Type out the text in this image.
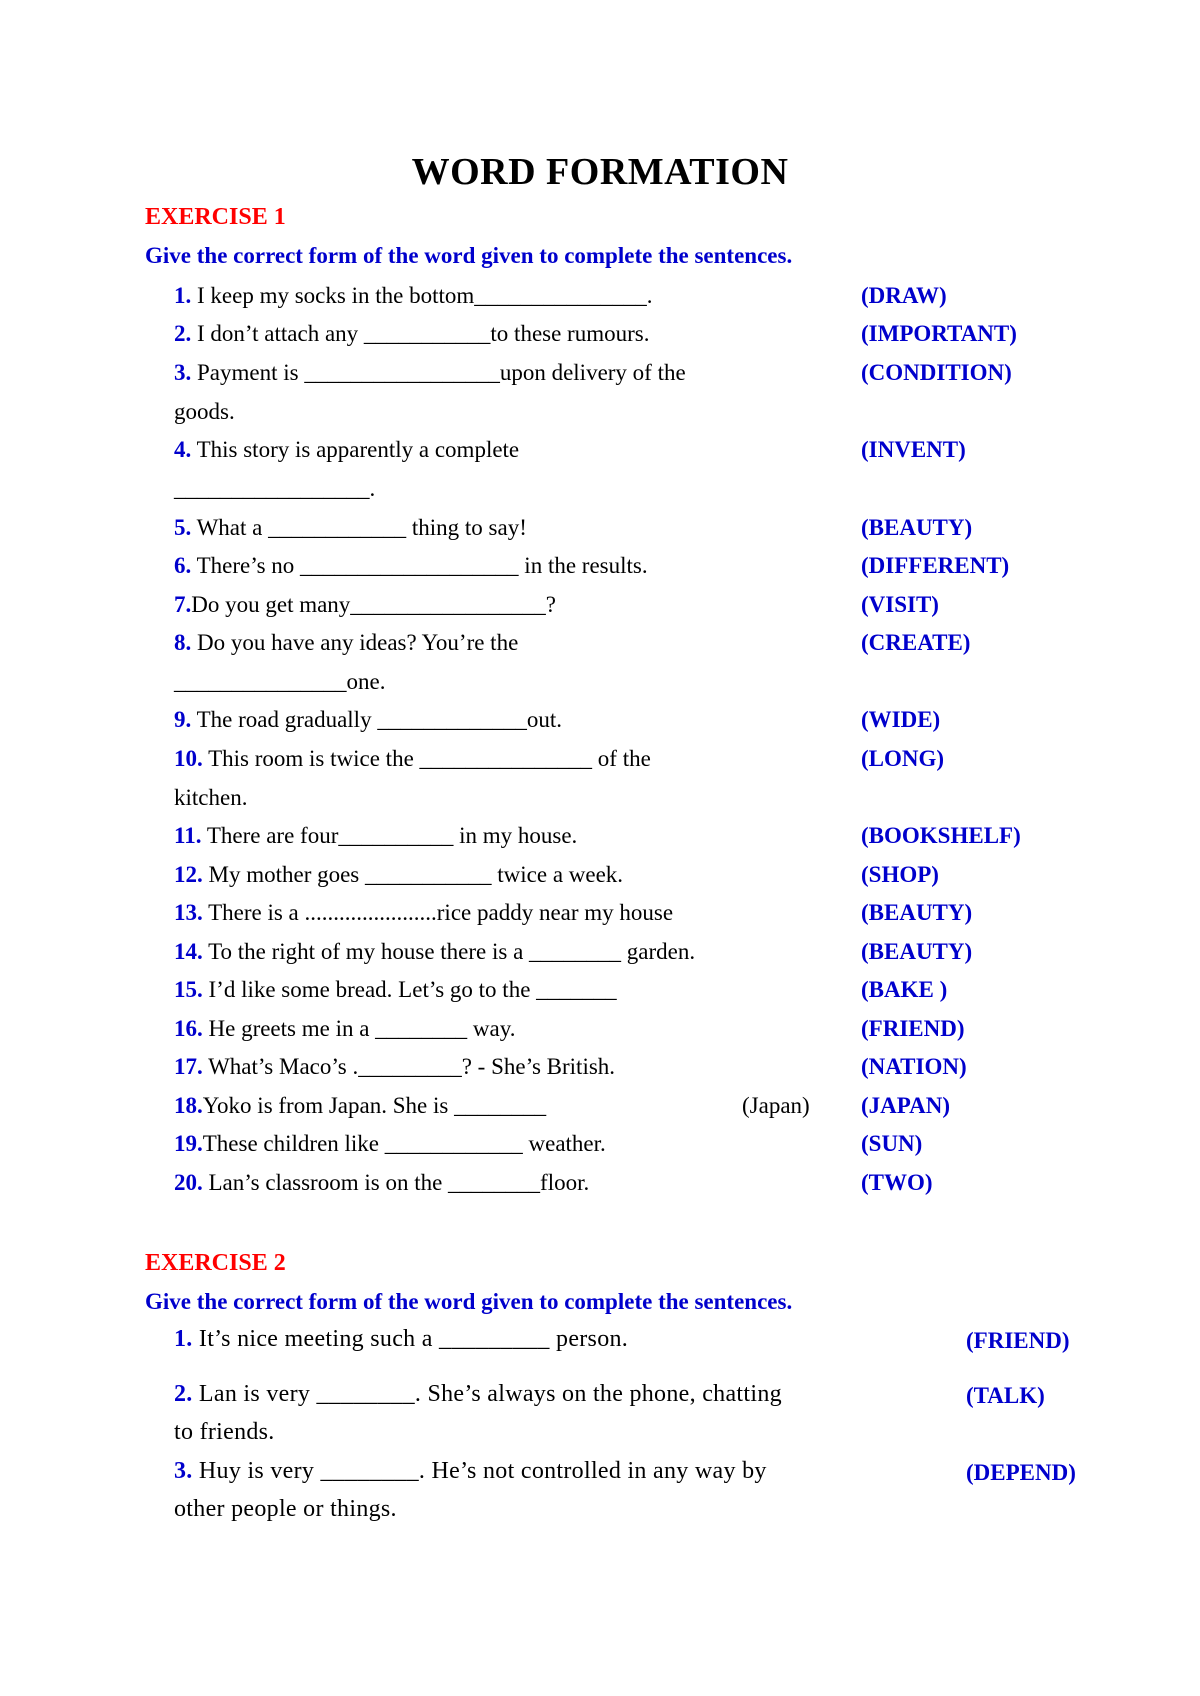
WORD FORMATION
EXERCISE 1
Give the correct form of the word given to complete the sentences.
1. I keep my socks in the bottom_______________.	(DRAW)
2. I don’t attach any ___________to these rumours.	(IMPORTANT)
3. Payment is _________________upon delivery of the
goods.
(CONDITION)
4. This story is apparently a complete
_________________.
(INVENT)
5. What a ____________ thing to say!	(BEAUTY)
6. There’s no ___________________ in the results.	(DIFFERENT)
7.Do you get many_________________?	(VISIT)
8. Do you have any ideas? You’re the
_______________one.
(CREATE)
9. The road gradually _____________out.	(WIDE)
10. This room is twice the _______________ of the
kitchen.
(LONG)
11. There are four__________ in my house.	(BOOKSHELF)
12. My mother goes ___________ twice a week.	(SHOP)
13. There is a .......................rice paddy near my house	(BEAUTY)
14. To the right of my house there is a ________ garden.	(BEAUTY)
15. I’d like some bread. Let’s go to the _______	(BAKE )
16. He greets me in a ________ way.	(FRIEND)
17. What’s Maco’s ._________? - She’s British.	(NATION)
18.Yoko is from Japan. She is ________	(Japan) (JAPAN)
19.These children like ____________ weather.	(SUN)
20. Lan’s classroom is on the ________floor.	(TWO)
EXERCISE 2
Give the correct form of the word given to complete the sentences.
1. It’s nice meeting such a _________ person.	(FRIEND)
2. Lan is very ________. She’s always on the phone, chatting
to friends.
(TALK)
3. Huy is very ________. He’s not controlled in any way by
other people or things.
(DEPEND)
